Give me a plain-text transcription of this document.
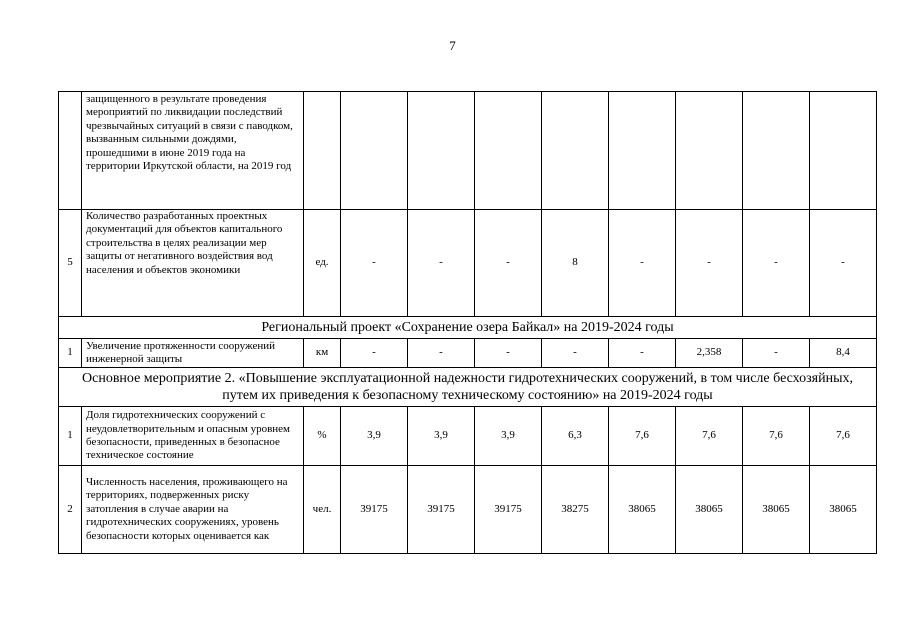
7
	защищенного в результате проведения мероприятий по ликвидации последствий чрезвычайных ситуаций в связи с паводком, вызванным сильными дождями, прошедшими в июне 2019 года на территории Иркутской области, на 2019 год									
5	Количество разработанных проектных документаций для объектов капитального строительства в целях реализации мер защиты от негативного воздействия вод населения и объектов экономики	ед.	-	-	-	8	-	-	-	-
Региональный проект «Сохранение озера Байкал» на 2019-2024 годы										
1	Увеличение протяженности сооружений инженерной защиты	км	-	-	-	-	-	2,358	-	8,4
Основное мероприятие 2. «Повышение эксплуатационной надежности гидротехнических сооружений, в том числе бесхозяйных, путем их приведения к безопасному техническому состоянию» на 2019-2024 годы										
1	Доля гидротехнических сооружений с неудовлетворительным и опасным уровнем безопасности, приведенных в безопасное техническое состояние	%	3,9	3,9	3,9	6,3	7,6	7,6	7,6	7,6
2	Численность населения, проживающего на территориях, подверженных риску затопления в случае аварии на гидротехнических сооружениях, уровень безопасности которых оценивается как	чел.	39175	39175	39175	38275	38065	38065	38065	38065
